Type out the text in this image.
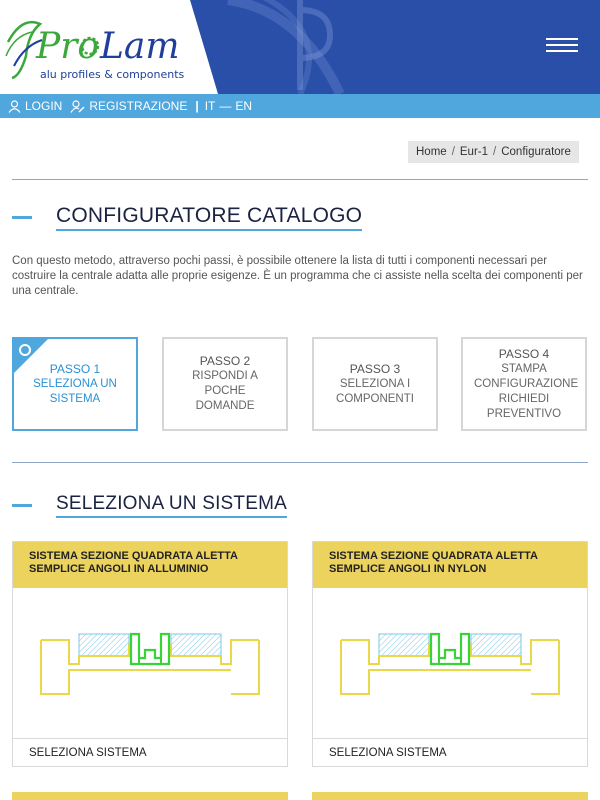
Pro Lam
alu profiles & components
LOGIN REGISTRAZIONE | IT — EN
Home / Eur-1 / Configuratore
CONFIGURATORE CATALOGO

Con questo metodo, attraverso pochi passi, è possibile ottenere la lista di tutti i componenti necessari per costruire la centrale adatta alle proprie esigenze. È un programma che ci assiste nella scelta dei componenti per una centrale.

PASSO 1
SELEZIONA UN SISTEMA
PASSO 2
RISPONDI A POCHE DOMANDE
PASSO 3
SELEZIONA I COMPONENTI
PASSO 4
STAMPA CONFIGURAZIONE RICHIEDI PREVENTIVO
SELEZIONA UN SISTEMA
SISTEMA SEZIONE QUADRATA ALETTA SEMPLICE ANGOLI IN ALLUMINIO
SELEZIONA SISTEMA
SISTEMA SEZIONE QUADRATA ALETTA SEMPLICE ANGOLI IN NYLON
SELEZIONA SISTEMA
